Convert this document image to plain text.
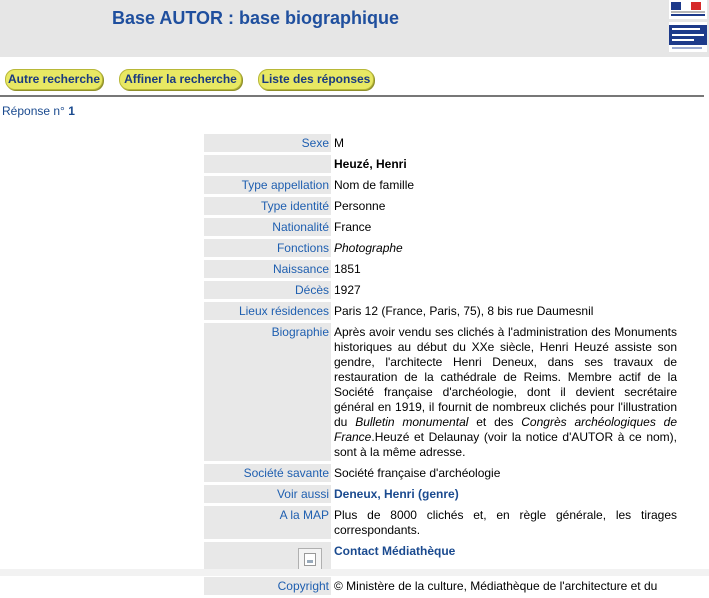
Base AUTOR : base biographique
Autre recherche	Affiner la recherche	Liste des réponses
Réponse n° 1
Sexe M

Heuzé, Henri
Type appellation Nom de famille
Type identité Personne
Nationalité France
Fonctions Photographe
Naissance 1851
Décès 1927
Lieux résidences Paris 12 (France, Paris, 75), 8 bis rue Daumesnil
Biographie Après avoir vendu ses clichés à l'administration des Monuments historiques au début du XXe siècle, Henri Heuzé assiste son gendre, l'architecte Henri Deneux, dans ses travaux de restauration de la cathédrale de Reims. Membre actif de la Société française d'archéologie, dont il devient secrétaire général en 1919, il fournit de nombreux clichés pour l'illustration du Bulletin monumental et des Congrès archéologiques de France.Heuzé et Delaunay (voir la notice d'AUTOR à ce nom), sont à la même adresse.
Société savante Société française d'archéologie
Voir aussi Deneux, Henri (genre)
A la MAP Plus de 8000 clichés et, en règle générale, les tirages correspondants.
Contact Médiathèque
Copyright © Ministère de la culture, Médiathèque de l'architecture et du
